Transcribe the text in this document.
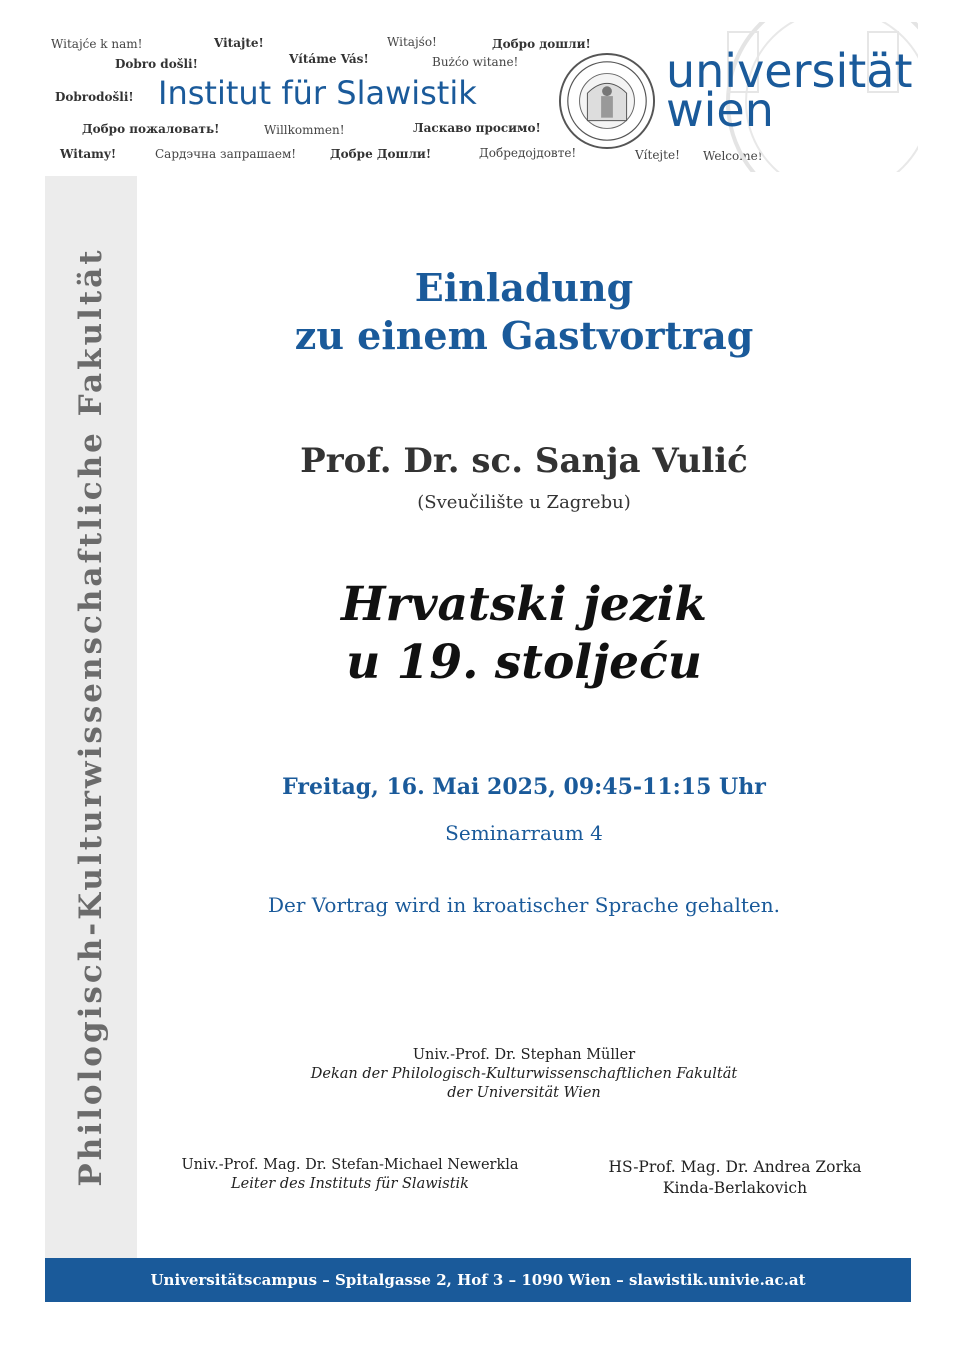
Witajće k nam!	Vitajte!	Witajśo!	Добро дошли!
Dobro došli!	Vítáme Vás!	Bużćo witane!
Dobrodošli!
Добро пожаловать!	Willkommen!	Ласкаво просимо!
Witamy!	Сардэчна запрашаем!	Добре Дошли!	Добредојдовте!	Vítejte! Welcome!
Institut für Slawistik	universität
wien
Philologisch-Kulturwissenschaftliche Fakultät	Einladung
zu einem Gastvortrag
Prof. Dr. sc. Sanja Vulić
(Sveučilište u Zagrebu)
Hrvatski jezik
u 19. stoljeću
Freitag, 16. Mai 2025, 09:45-11:15 Uhr
Seminarraum 4
Der Vortrag wird in kroatischer Sprache gehalten.
Univ.-Prof. Dr. Stephan Müller
Dekan der Philologisch-Kulturwissenschaftlichen Fakultät
der Universität Wien
Univ.-Prof. Mag. Dr. Stefan-Michael Newerkla
Leiter des Instituts für Slawistik
HS-Prof. Mag. Dr. Andrea Zorka
Kinda-Berlakovich
Universitätscampus – Spitalgasse 2, Hof 3 – 1090 Wien – slawistik.univie.ac.at
